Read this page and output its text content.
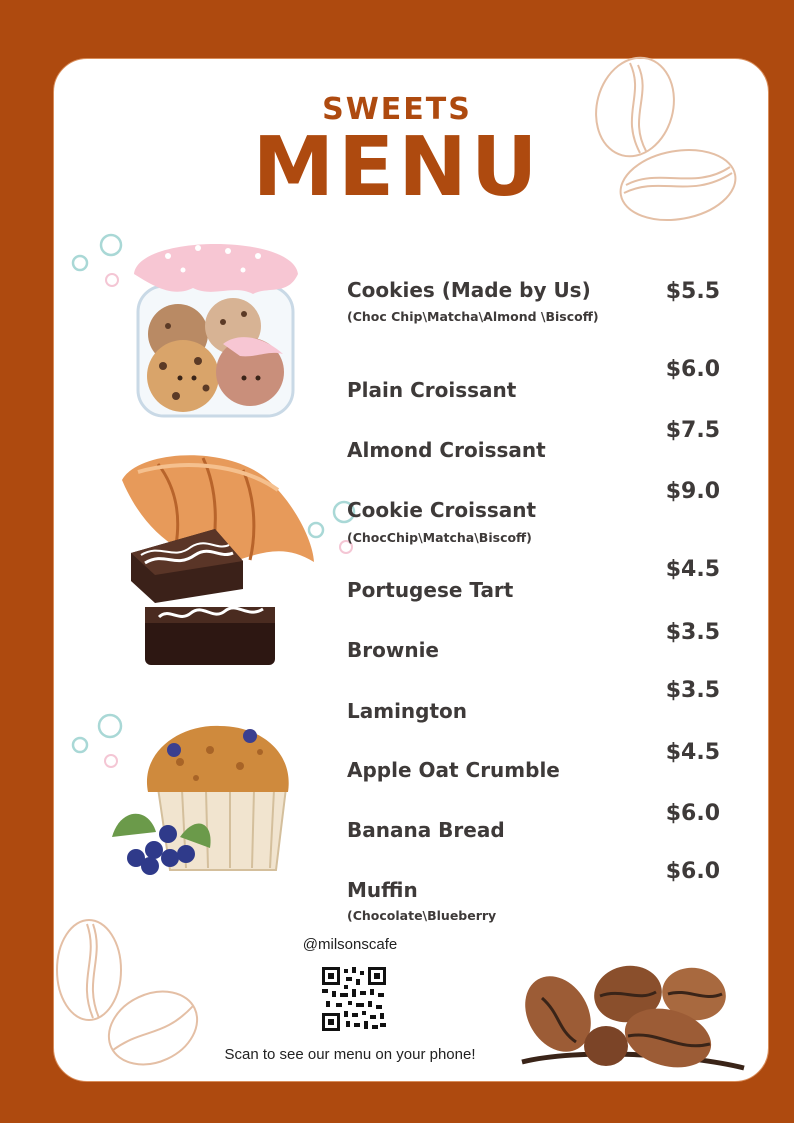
SWEETS
MENU
Cookies (Made by Us)
(Choc Chip\Matcha\Almond \Biscoff)
$5.5
Plain Croissant
$6.0
Almond Croissant
$7.5
Cookie Croissant
(ChocChip\Matcha\Biscoff)
$9.0
Portugese Tart
$4.5
Brownie
$3.5
Lamington
$3.5
Apple Oat Crumble
$4.5
Banana Bread
$6.0
Muffin
(Chocolate\Blueberry
$6.0
@milsonscafe
Scan to see our menu on your phone!
